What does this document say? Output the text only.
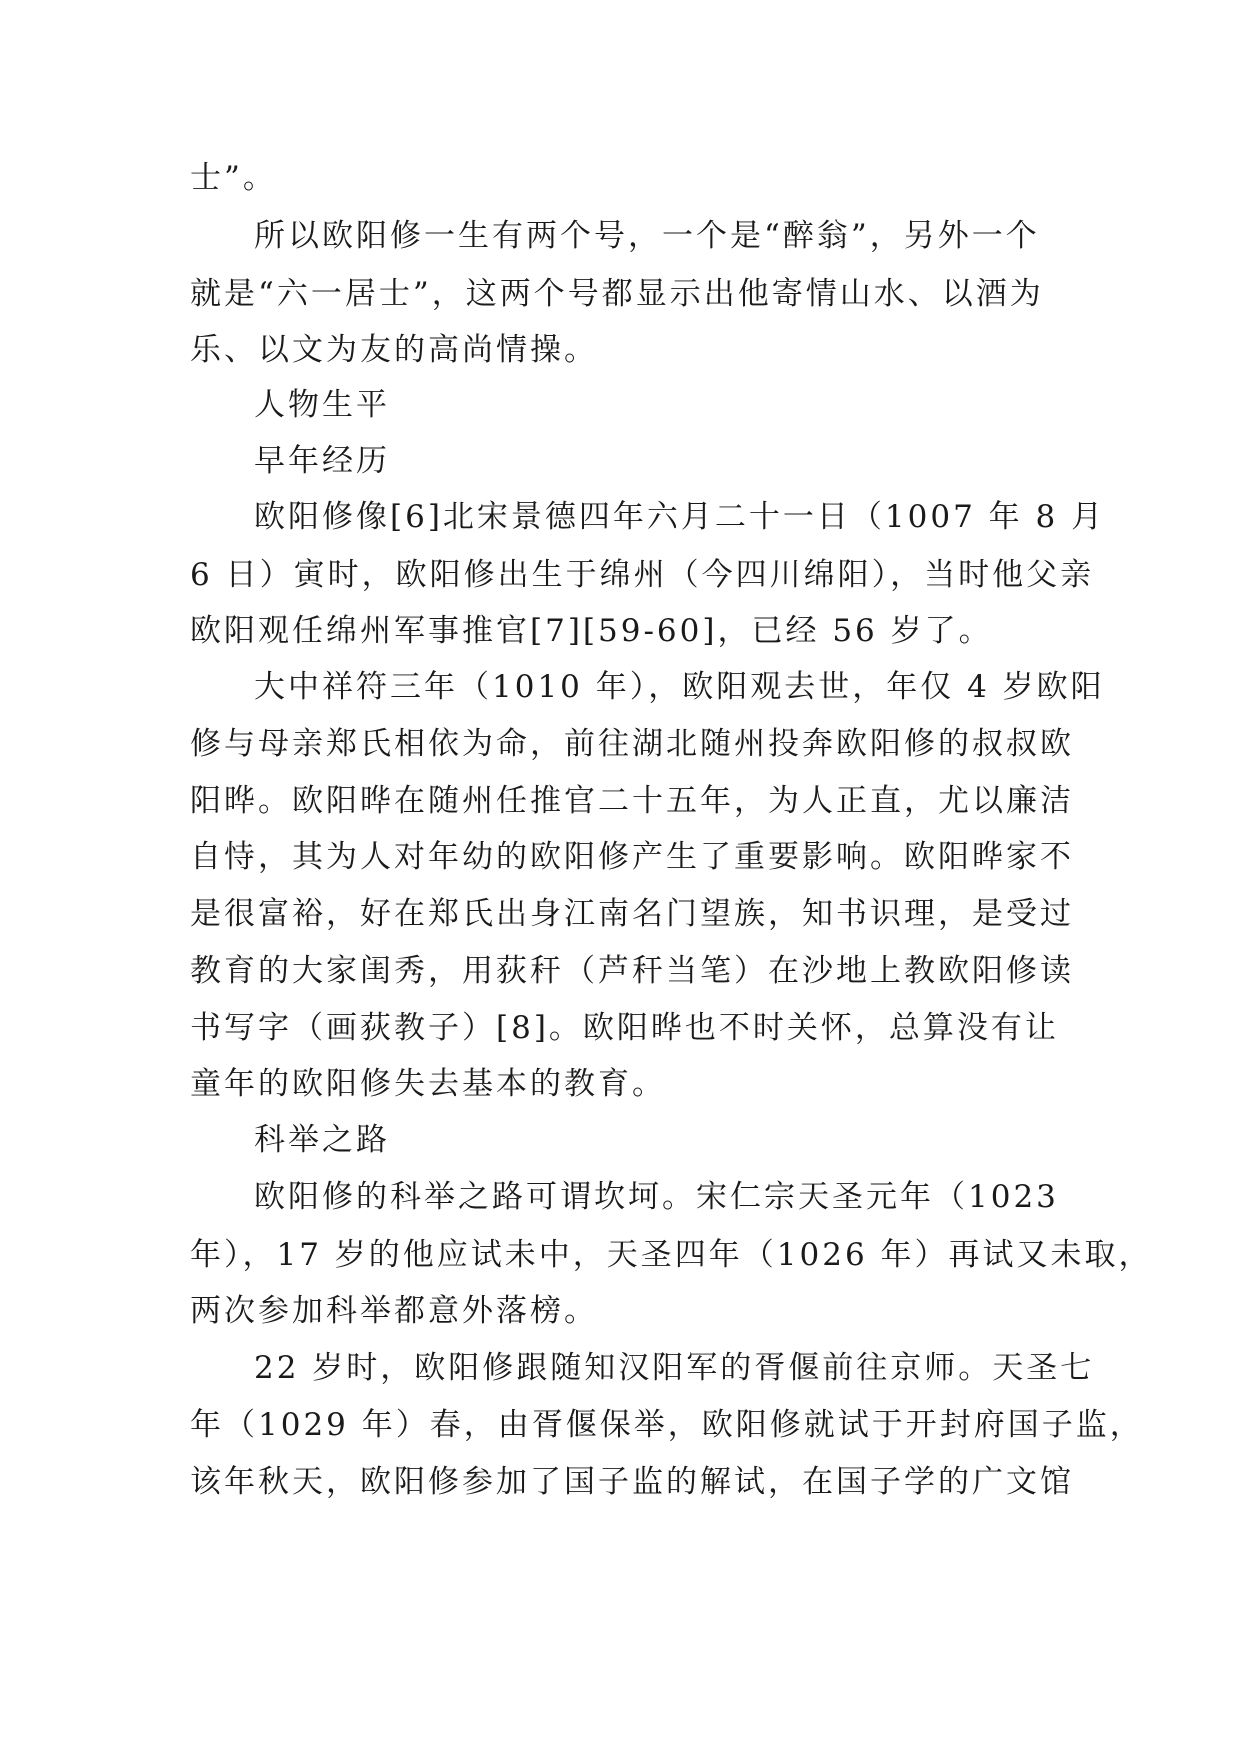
士”。
所以欧阳修一生有两个号，一个是“醉翁”，另外一个
就是“六一居士”，这两个号都显示出他寄情山水、以酒为
乐、以文为友的高尚情操。
人物生平
早年经历
欧阳修像[6]北宋景德四年六月二十一日（1007 年 8 月
6 日）寅时，欧阳修出生于绵州（今四川绵阳），当时他父亲
欧阳观任绵州军事推官[7][59-60]，已经 56 岁了。
大中祥符三年（1010 年），欧阳观去世，年仅 4 岁欧阳
修与母亲郑氏相依为命，前往湖北随州投奔欧阳修的叔叔欧
阳晔。欧阳晔在随州任推官二十五年，为人正直，尤以廉洁
自恃，其为人对年幼的欧阳修产生了重要影响。欧阳晔家不
是很富裕，好在郑氏出身江南名门望族，知书识理，是受过
教育的大家闺秀，用荻秆（芦秆当笔）在沙地上教欧阳修读
书写字（画荻教子）[8]。欧阳晔也不时关怀，总算没有让
童年的欧阳修失去基本的教育。
科举之路
欧阳修的科举之路可谓坎坷。宋仁宗天圣元年（1023
年），17 岁的他应试未中，天圣四年（1026 年）再试又未取，
两次参加科举都意外落榜。
22 岁时，欧阳修跟随知汉阳军的胥偃前往京师。天圣七
年（1029 年）春，由胥偃保举，欧阳修就试于开封府国子监，
该年秋天，欧阳修参加了国子监的解试，在国子学的广文馆
